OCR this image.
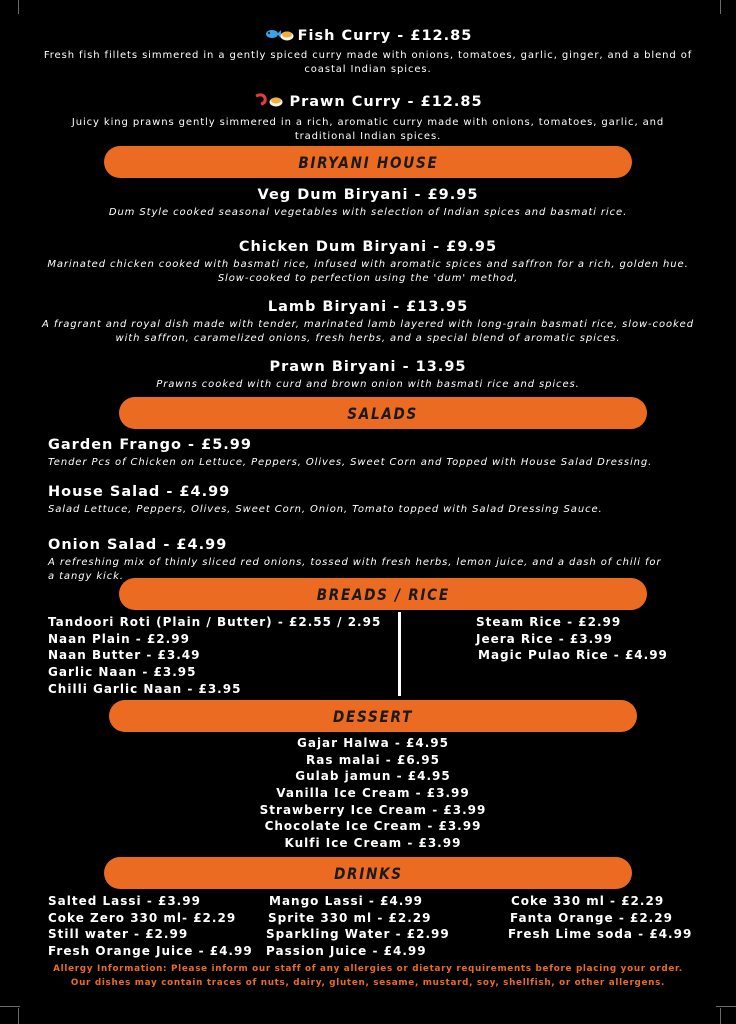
Fish Curry - £12.85
Fresh fish fillets simmered in a gently spiced curry made with onions, tomatoes, garlic, ginger, and a blend of coastal Indian spices.
Prawn Curry - £12.85
Juicy king prawns gently simmered in a rich, aromatic curry made with onions, tomatoes, garlic, and traditional Indian spices.
BIRYANI HOUSE
Veg Dum Biryani - £9.95
Dum Style cooked seasonal vegetables with selection of Indian spices and basmati rice.
Chicken Dum Biryani - £9.95
Marinated chicken cooked with basmati rice, infused with aromatic spices and saffron for a rich, golden hue. Slow-cooked to perfection using the 'dum' method,
Lamb Biryani - £13.95
A fragrant and royal dish made with tender, marinated lamb layered with long-grain basmati rice, slow-cooked with saffron, caramelized onions, fresh herbs, and a special blend of aromatic spices.
Prawn Biryani - 13.95
Prawns cooked with curd and brown onion with basmati rice and spices.
SALADS
Garden Frango - £5.99
Tender Pcs of Chicken on Lettuce, Peppers, Olives, Sweet Corn and Topped with House Salad Dressing.
House Salad - £4.99
Salad Lettuce, Peppers, Olives, Sweet Corn, Onion, Tomato topped with Salad Dressing Sauce.
Onion Salad - £4.99
A refreshing mix of thinly sliced red onions, tossed with fresh herbs, lemon juice, and a dash of chili for a tangy kick.
BREADS / RICE
Tandoori Roti (Plain / Butter) - £2.55 / 2.95
Naan Plain - £2.99
Naan Butter - £3.49
Garlic Naan - £3.95
Chilli Garlic Naan - £3.95
Steam Rice - £2.99
Jeera Rice - £3.99
Magic Pulao Rice - £4.99
DESSERT
Gajar Halwa - £4.95
Ras malai - £6.95
Gulab jamun - £4.95
Vanilla Ice Cream - £3.99
Strawberry Ice Cream - £3.99
Chocolate Ice Cream - £3.99
Kulfi Ice Cream - £3.99
DRINKS
Salted Lassi - £3.99
Coke Zero 330 ml- £2.29
Still water - £2.99
Fresh Orange Juice - £4.99
Mango Lassi - £4.99
Sprite 330 ml - £2.29
Sparkling Water - £2.99
Passion Juice - £4.99
Coke 330 ml - £2.29
Fanta Orange - £2.29
Fresh Lime soda - £4.99
Allergy Information: Please inform our staff of any allergies or dietary requirements before placing your order.
Our dishes may contain traces of nuts, dairy, gluten, sesame, mustard, soy, shellfish, or other allergens.
